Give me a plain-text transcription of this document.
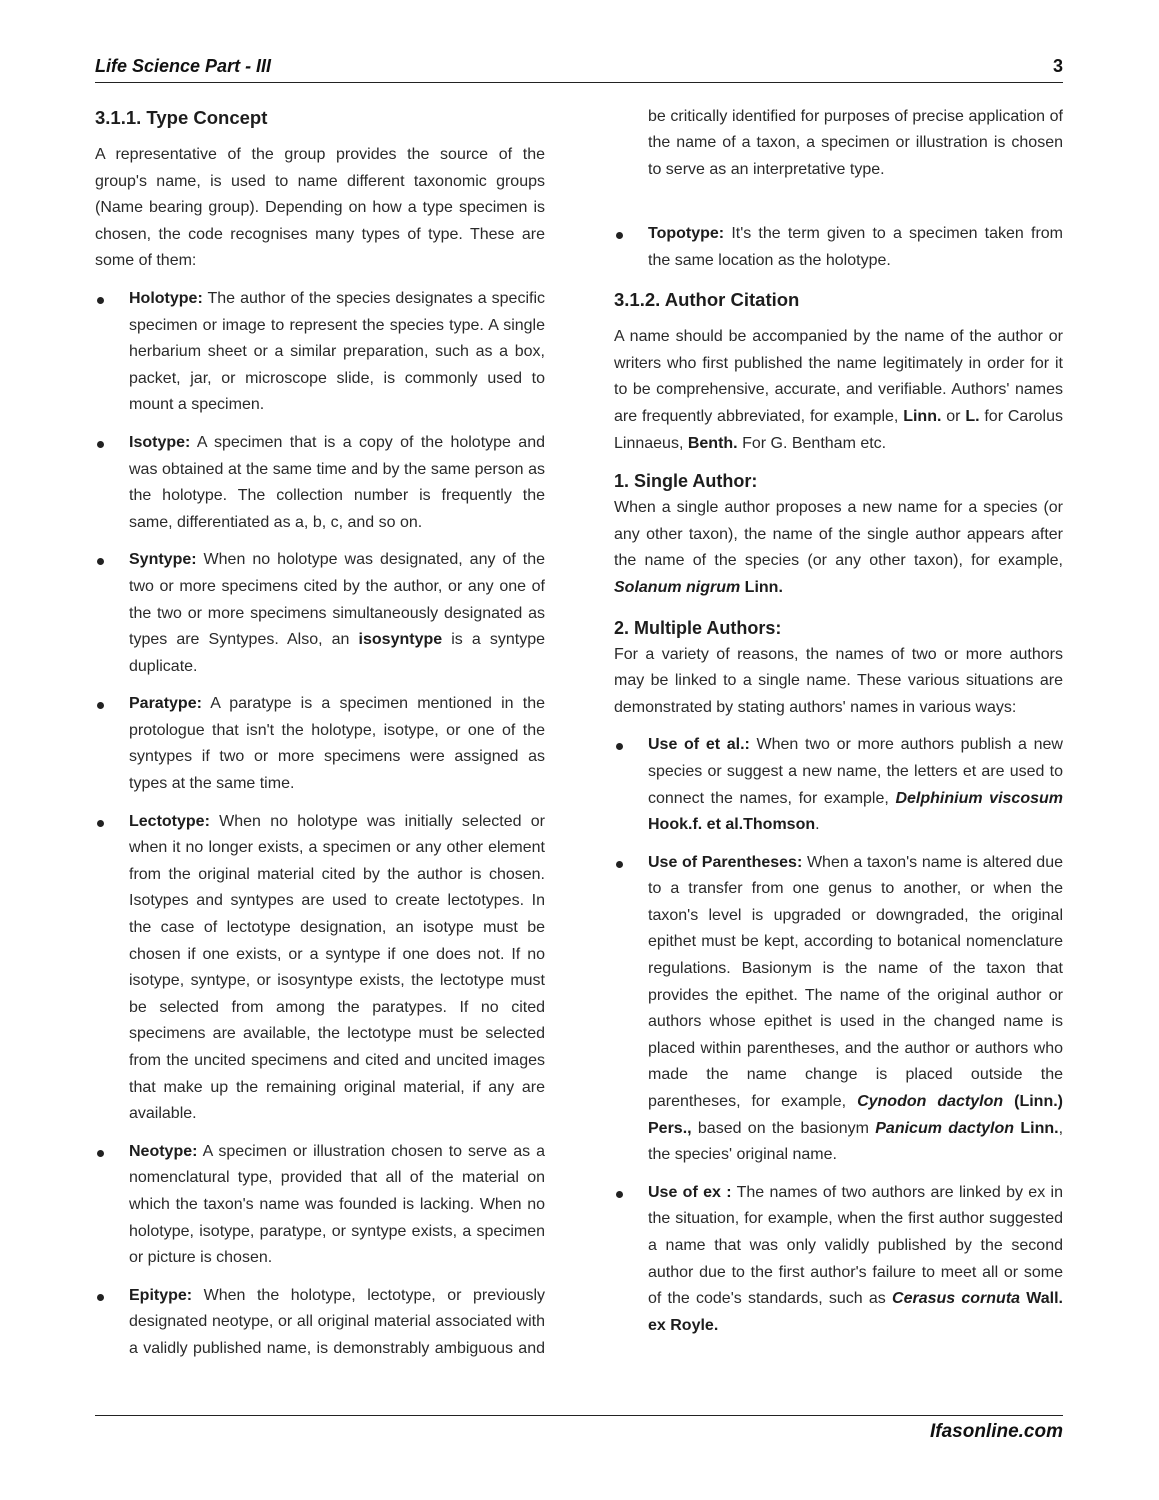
Life Science Part - III	3
3.1.1. Type Concept

A representative of the group provides the source of the group's name, is used to name different taxonomic groups (Name bearing group). Depending on how a type specimen is chosen, the code recognises many types of type. These are some of them:

Holotype: The author of the species designates a specific specimen or image to represent the species type. A single herbarium sheet or a similar preparation, such as a box, packet, jar, or microscope slide, is commonly used to mount a specimen.
Isotype: A specimen that is a copy of the holotype and was obtained at the same time and by the same person as the holotype. The collection number is frequently the same, differentiated as a, b, c, and so on.
Syntype: When no holotype was designated, any of the two or more specimens cited by the author, or any one of the two or more specimens simultaneously designated as types are Syntypes. Also, an isosyntype is a syntype duplicate.
Paratype: A paratype is a specimen mentioned in the protologue that isn't the holotype, isotype, or one of the syntypes if two or more specimens were assigned as types at the same time.
Lectotype: When no holotype was initially selected or when it no longer exists, a specimen or any other element from the original material cited by the author is chosen. Isotypes and syntypes are used to create lectotypes. In the case of lectotype designation, an isotype must be chosen if one exists, or a syntype if one does not. If no isotype, syntype, or isosyntype exists, the lectotype must be selected from among the paratypes. If no cited specimens are available, the lectotype must be selected from the uncited specimens and cited and uncited images that make up the remaining original material, if any are available.
Neotype: A specimen or illustration chosen to serve as a nomenclatural type, provided that all of the material on which the taxon's name was founded is lacking. When no holotype, isotype, paratype, or syntype exists, a specimen or picture is chosen.
Epitype: When the holotype, lectotype, or previously designated neotype, or all original material associated with a validly published name, is demonstrably ambiguous and

be critically identified for purposes of precise application of the name of a taxon, a specimen or illustration is chosen to serve as an interpretative type.

Topotype: It's the term given to a specimen taken from the same location as the holotype.
3.1.2. Author Citation

A name should be accompanied by the name of the author or writers who first published the name legitimately in order for it to be comprehensive, accurate, and verifiable. Authors' names are frequently abbreviated, for example, Linn. or L. for Carolus Linnaeus, Benth. For G. Bentham etc.

1. Single Author:

When a single author proposes a new name for a species (or any other taxon), the name of the single author appears after the name of the species (or any other taxon), for example, Solanum nigrum Linn.

2. Multiple Authors:

For a variety of reasons, the names of two or more authors may be linked to a single name. These various situations are demonstrated by stating authors' names in various ways:

Use of et al.: When two or more authors publish a new species or suggest a new name, the letters et are used to connect the names, for example, Delphinium viscosum Hook.f. et al.Thomson.
Use of Parentheses: When a taxon's name is altered due to a transfer from one genus to another, or when the taxon's level is upgraded or downgraded, the original epithet must be kept, according to botanical nomenclature regulations. Basionym is the name of the taxon that provides the epithet. The name of the original author or authors whose epithet is used in the changed name is placed within parentheses, and the author or authors who made the name change is placed outside the parentheses, for example, Cynodon dactylon (Linn.) Pers., based on the basionym Panicum dactylon Linn., the species' original name.
Use of ex : The names of two authors are linked by ex in the situation, for example, when the first author suggested a name that was only validly published by the second author due to the first author's failure to meet all or some of the code's standards, such as Cerasus cornuta Wall. ex Royle.
Ifasonline.com
